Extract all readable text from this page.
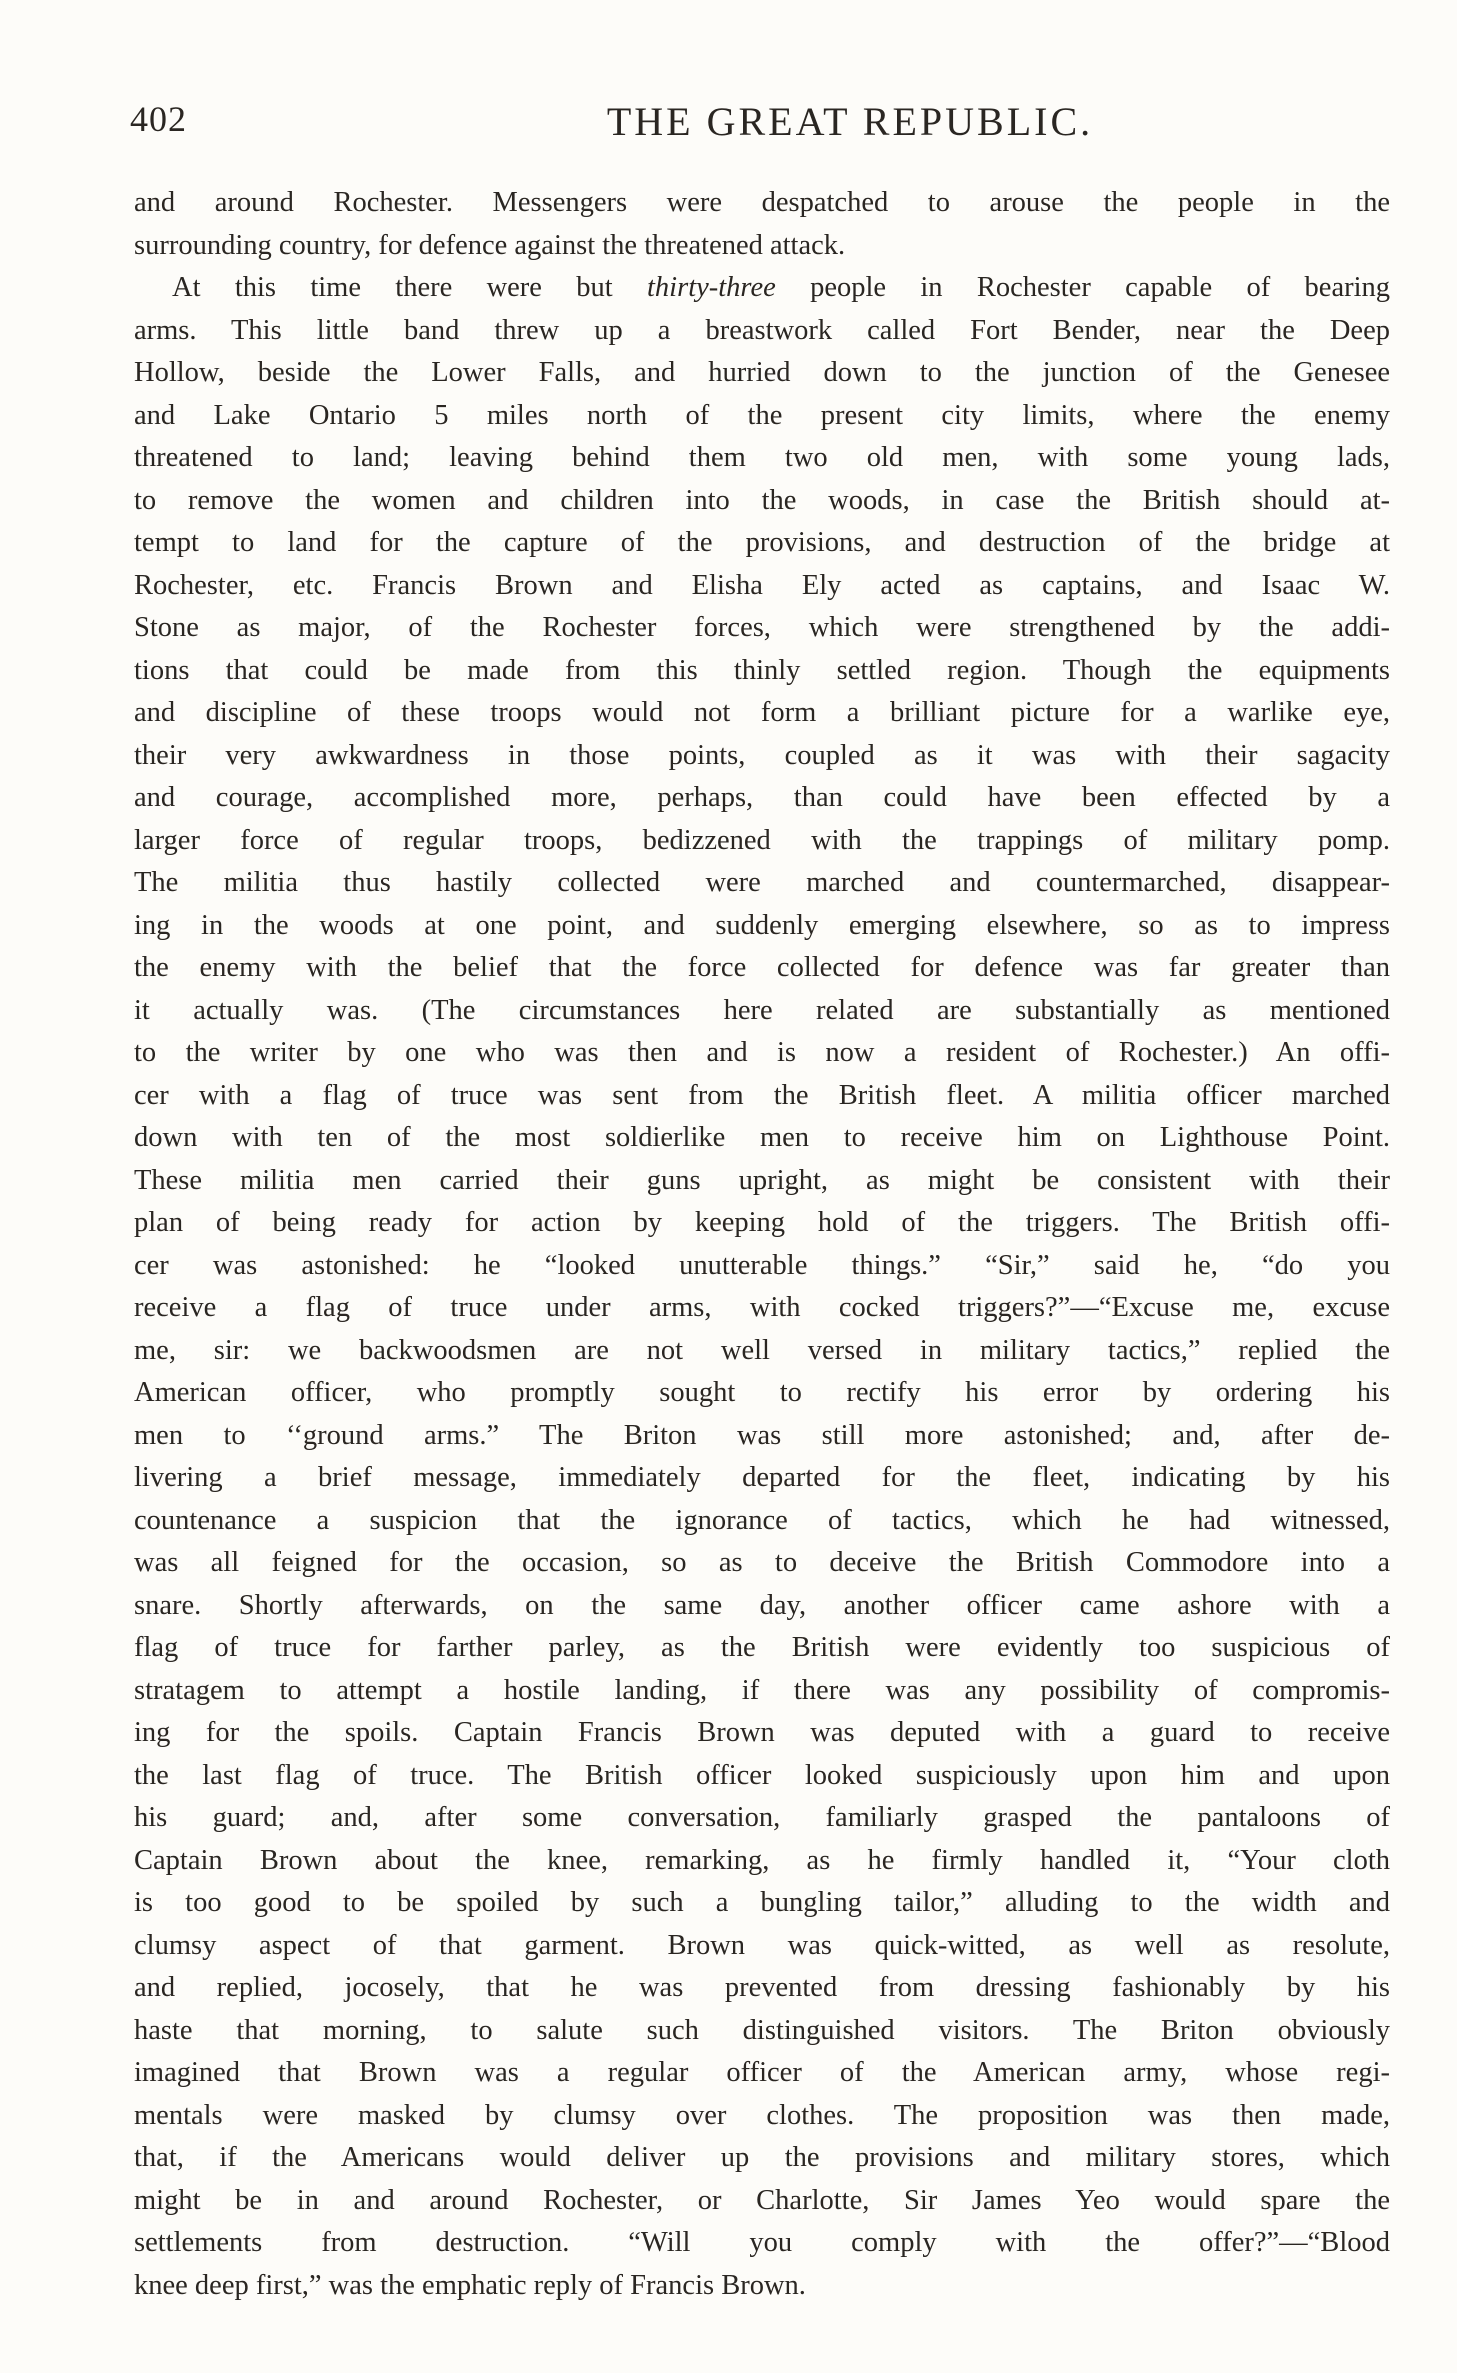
402	THE GREAT REPUBLIC.
and around Rochester. Messengers were despatched to arouse the people in the
surrounding country, for defence against the threatened attack.
At this time there were but thirty-three people in Rochester capable of bearing
arms. This little band threw up a breastwork called Fort Bender, near the Deep
Hollow, beside the Lower Falls, and hurried down to the junction of the Genesee
and Lake Ontario 5 miles north of the present city limits, where the enemy
threatened to land; leaving behind them two old men, with some young lads,
to remove the women and children into the woods, in case the British should at-
tempt to land for the capture of the provisions, and destruction of the bridge at
Rochester, etc. Francis Brown and Elisha Ely acted as captains, and Isaac W.
Stone as major, of the Rochester forces, which were strengthened by the addi-
tions that could be made from this thinly settled region. Though the equipments
and discipline of these troops would not form a brilliant picture for a warlike eye,
their very awkwardness in those points, coupled as it was with their sagacity
and courage, accomplished more, perhaps, than could have been effected by a
larger force of regular troops, bedizzened with the trappings of military pomp.
The militia thus hastily collected were marched and countermarched, disappear-
ing in the woods at one point, and suddenly emerging elsewhere, so as to impress
the enemy with the belief that the force collected for defence was far greater than
it actually was. (The circumstances here related are substantially as mentioned
to the writer by one who was then and is now a resident of Rochester.) An offi-
cer with a flag of truce was sent from the British fleet. A militia officer marched
down with ten of the most soldierlike men to receive him on Lighthouse Point.
These militia men carried their guns upright, as might be consistent with their
plan of being ready for action by keeping hold of the triggers. The British offi-
cer was astonished: he “looked unutterable things.” “Sir,” said he, “do you
receive a flag of truce under arms, with cocked triggers?”—“Excuse me, excuse
me, sir: we backwoodsmen are not well versed in military tactics,” replied the
American officer, who promptly sought to rectify his error by ordering his
men to ‘‘ground arms.” The Briton was still more astonished; and, after de-
livering a brief message, immediately departed for the fleet, indicating by his
countenance a suspicion that the ignorance of tactics, which he had witnessed,
was all feigned for the occasion, so as to deceive the British Commodore into a
snare. Shortly afterwards, on the same day, another officer came ashore with a
flag of truce for farther parley, as the British were evidently too suspicious of
stratagem to attempt a hostile landing, if there was any possibility of compromis-
ing for the spoils. Captain Francis Brown was deputed with a guard to receive
the last flag of truce. The British officer looked suspiciously upon him and upon
his guard; and, after some conversation, familiarly grasped the pantaloons of
Captain Brown about the knee, remarking, as he firmly handled it, “Your cloth
is too good to be spoiled by such a bungling tailor,” alluding to the width and
clumsy aspect of that garment. Brown was quick-witted, as well as resolute,
and replied, jocosely, that he was prevented from dressing fashionably by his
haste that morning, to salute such distinguished visitors. The Briton obviously
imagined that Brown was a regular officer of the American army, whose regi-
mentals were masked by clumsy over clothes. The proposition was then made,
that, if the Americans would deliver up the provisions and military stores, which
might be in and around Rochester, or Charlotte, Sir James Yeo would spare the
settlements from destruction. “Will you comply with the offer?”—“Blood
knee deep first,” was the emphatic reply of Francis Brown.
